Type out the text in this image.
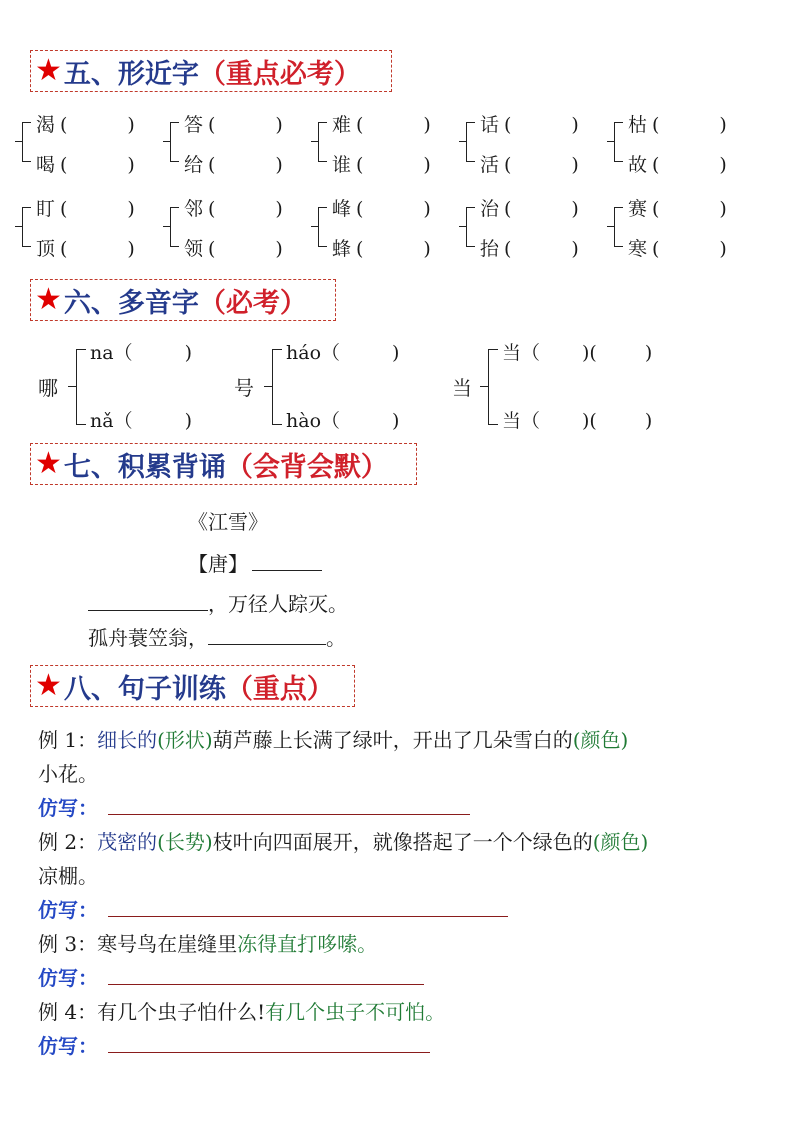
★ 五、形近字 （重点必考）
渴 (	)
喝 (	)
答 (	)
给 (	)
难 (	)
谁 (	)
话 (	)
活 (	)
枯 (	)
故 (	)
盯 (	)
顶 (	)
邻 (	)
领 (	)
峰 (	)
蜂 (	)
治 (	)
抬 (	)
赛 (	)
寒 (	)
★ 六、多音字 （必考）
哪
na（	)
nǎ（	)
号
háo（	)
hào（	)
当
当（ )(	)
当（ )(	)
★ 七、积累背诵 （会背会默）
《江雪》
【唐】
，万径人踪灭。
孤舟蓑笠翁，	。
★ 八、句子训练 （重点）
例 1：细长的(形状)葫芦藤上长满了绿叶，开出了几朵雪白的(颜色)
小花。
仿写：
例 2：茂密的(长势)枝叶向四面展开，就像搭起了一个个绿色的(颜色)
凉棚。
仿写：
例 3：寒号鸟在崖缝里冻得直打哆嗦。
仿写：
例 4：有几个虫子怕什么!有几个虫子不可怕。
仿写：
